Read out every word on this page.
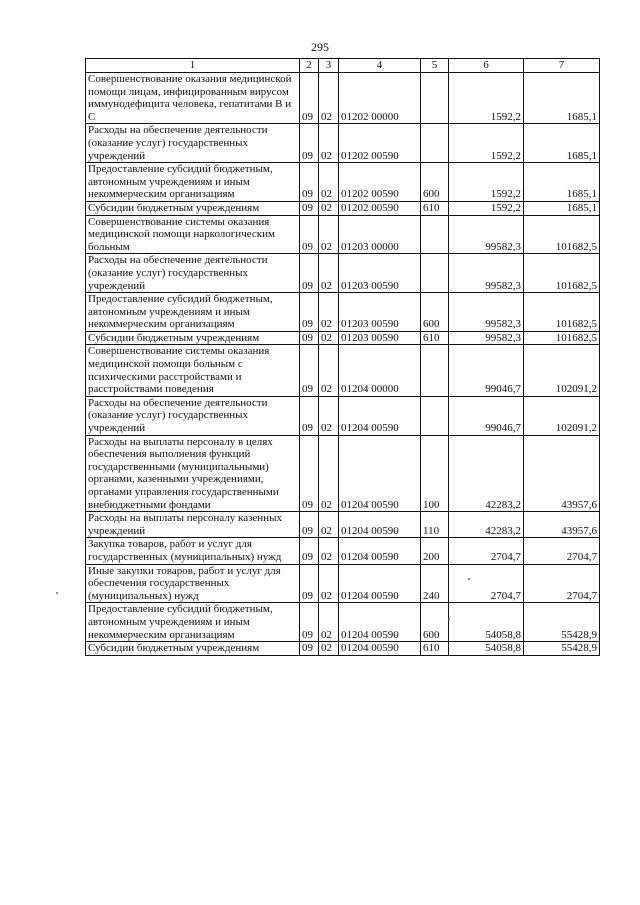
295
1	2	3	4	5	6	7
Совершенствование оказания медицинской помощи лицам, инфицированным вирусом иммунодефицита человека, гепатитами В и С	09	02	01202 00000		1592,2	1685,1
Расходы на обеспечение деятельности (оказание услуг) государственных учреждений	09	02	01202 00590		1592,2	1685,1
Предоставление субсидий бюджетным, автономным учреждениям и иным некоммерческим организациям	09	02	01202 00590	600	1592,2	1685,1
Субсидии бюджетным учреждениям	09	02	01202 00590	610	1592,2	1685,1
Совершенствование системы оказания медицинской помощи наркологическим больным	09	02	01203 00000		99582,3	101682,5
Расходы на обеспечение деятельности (оказание услуг) государственных учреждений	09	02	01203 00590		99582,3	101682,5
Предоставление субсидий бюджетным, автономным учреждениям и иным некоммерческим организациям	09	02	01203 00590	600	99582,3	101682,5
Субсидии бюджетным учреждениям	09	02	01203 00590	610	99582,3	101682,5
Совершенствование системы оказания медицинской помощи больным с психическими расстройствами и расстройствами поведения	09	02	01204 00000		99046,7	102091,2
Расходы на обеспечение деятельности (оказание услуг) государственных учреждений	09	02	01204 00590		99046,7	102091,2
Расходы на выплаты персоналу в целях обеспечения выполнения функций государственными (муниципальными) органами, казенными учреждениями, органами управления государственными внебюджетными фондами	09	02	01204 00590	100	42283,2	43957,6
Расходы на выплаты персоналу казенных учреждений	09	02	01204 00590	110	42283,2	43957,6
Закупка товаров, работ и услуг для государственных (муниципальных) нужд	09	02	01204 00590	200	2704,7	2704,7
Иные закупки товаров, работ и услуг для обеспечения государственных (муниципальных) нужд	09	02	01204 00590	240	2704,7	2704,7
Предоставление субсидий бюджетным, автономным учреждениям и иным некоммерческим организациям	09	02	01204 00590	600	54058,8	55428,9
Субсидии бюджетным учреждениям	09	02	01204 00590	610	54058,8	55428,9
